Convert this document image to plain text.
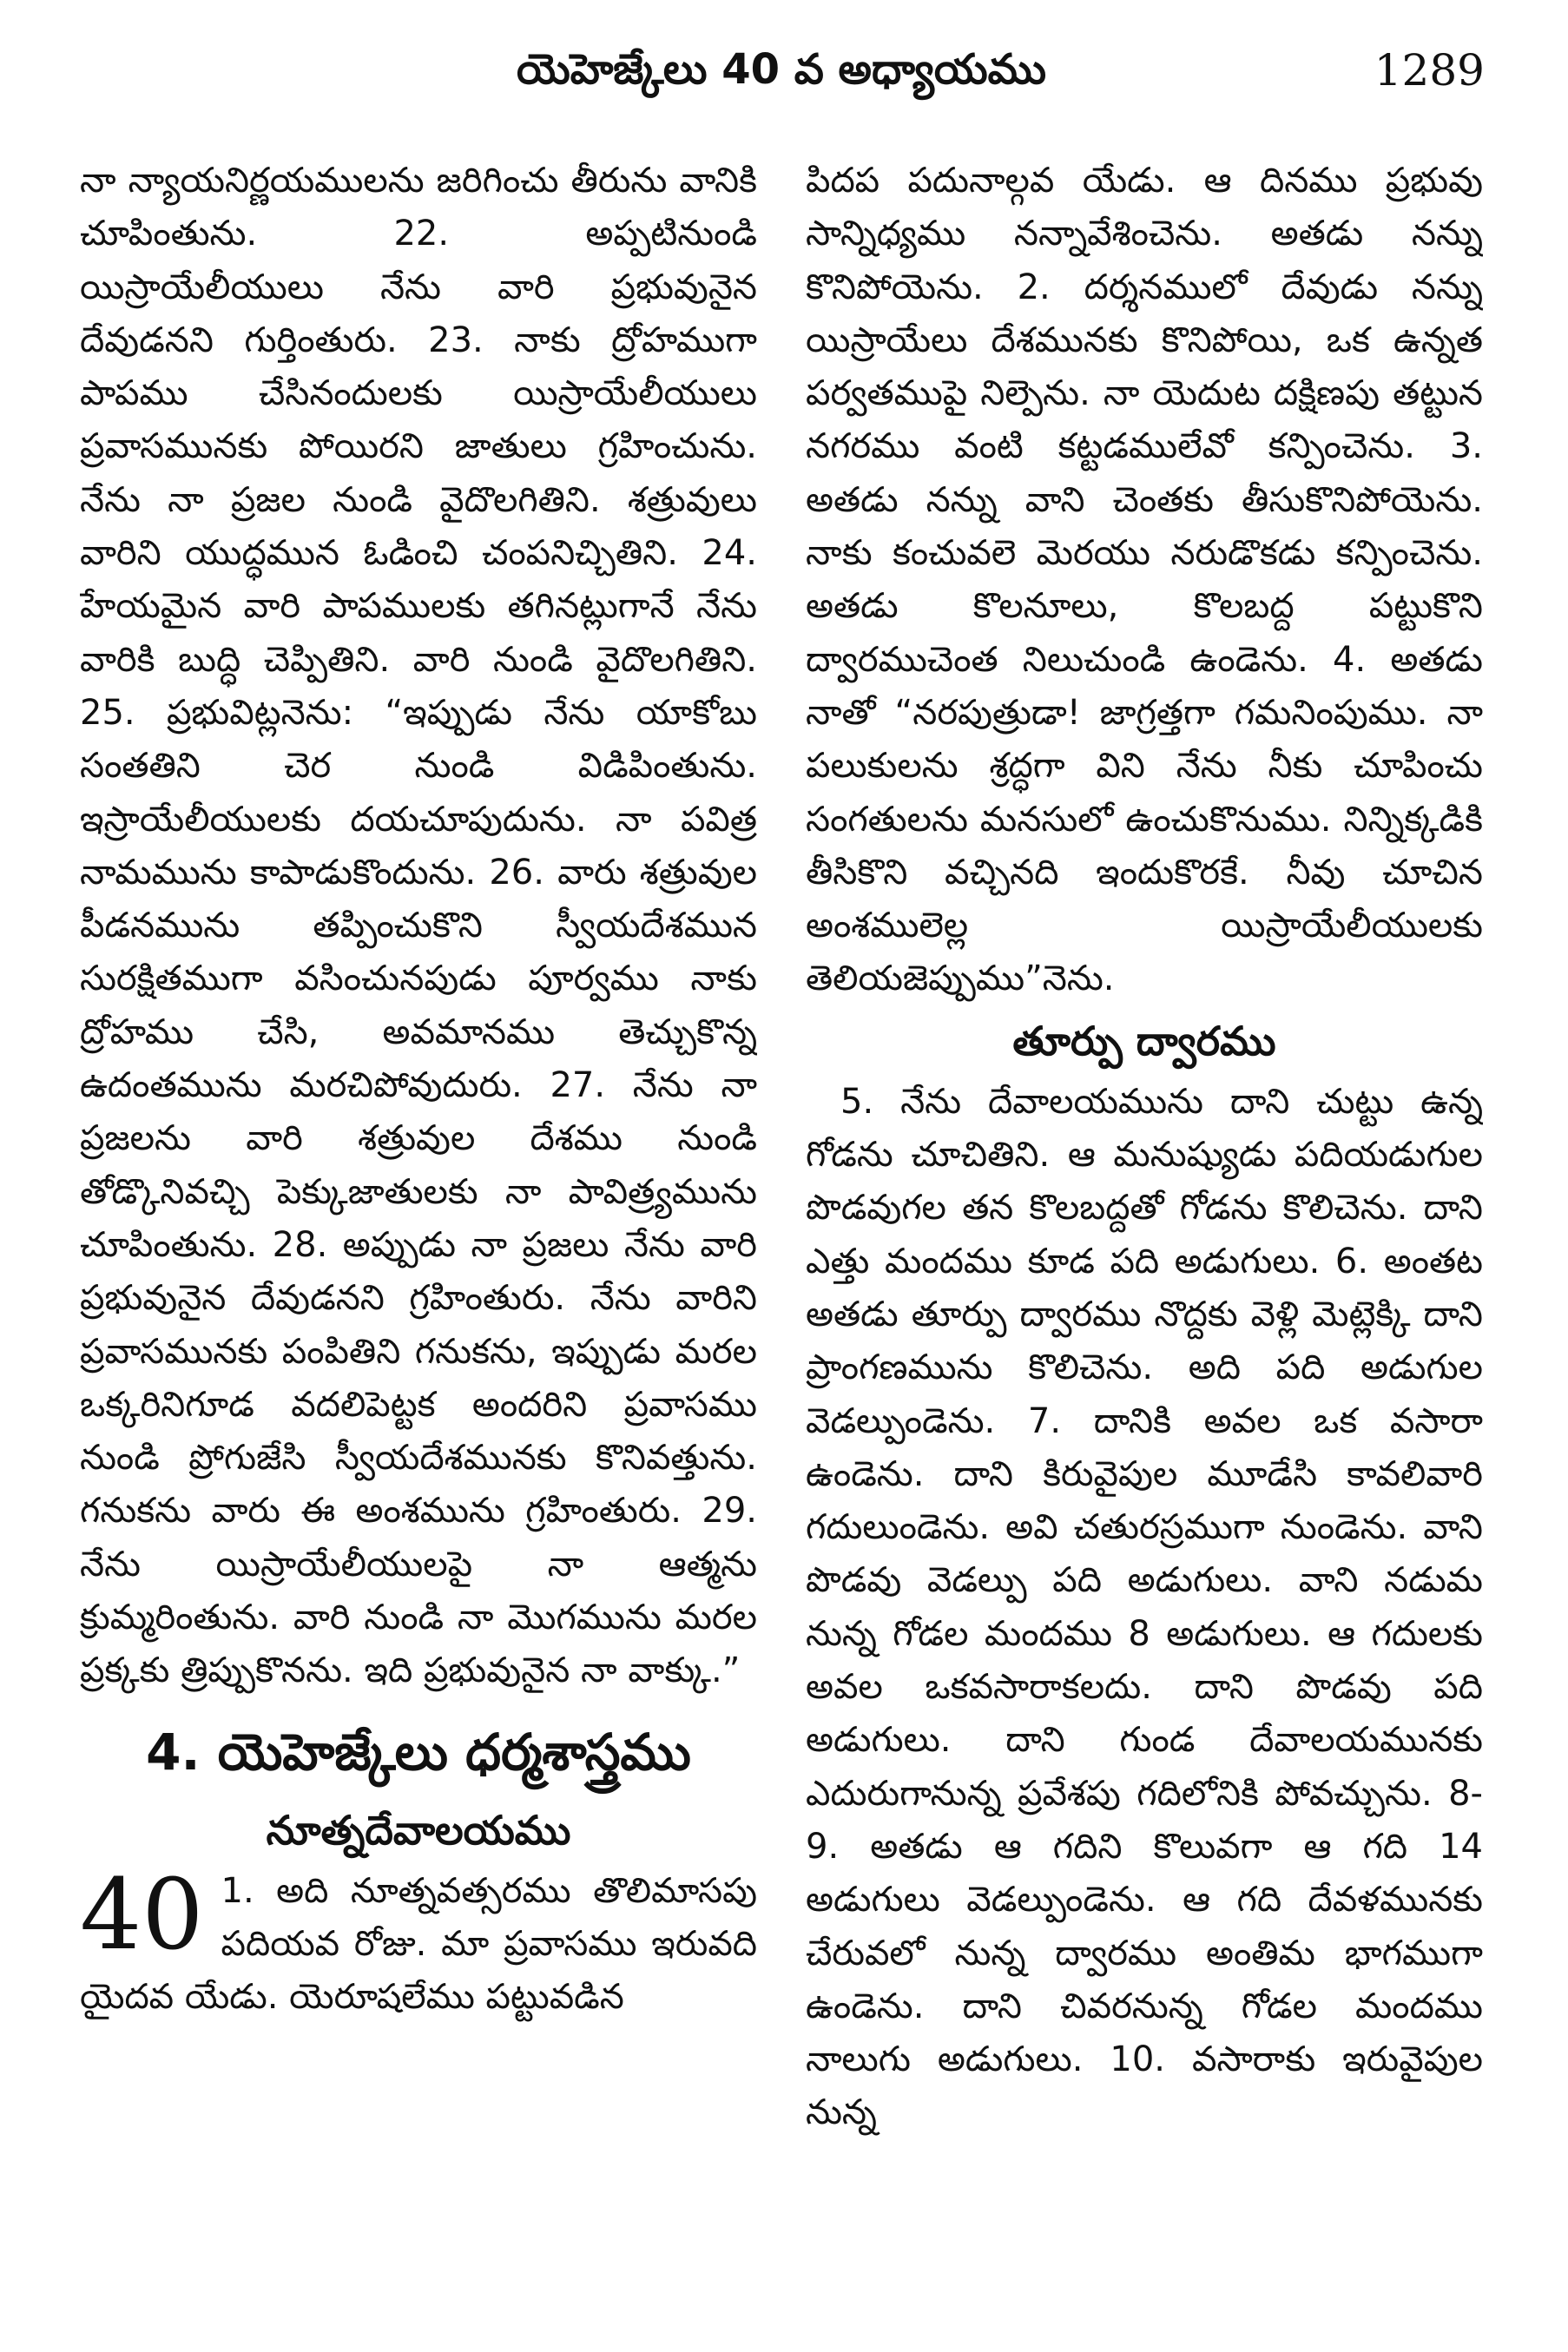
యెహెజ్కేలు 40 వ అధ్యాయము	1289

నా న్యాయనిర్ణయములను జరిగించు తీరును వానికి చూపింతును. 22. అప్పటినుండి యిస్రాయేలీయులు నేను వారి ప్రభువునైన దేవుడనని గుర్తింతురు. 23. నాకు ద్రోహముగా పాపము చేసినందులకు యిస్రాయేలీయులు ప్రవాసమునకు పోయిరని జాతులు గ్రహించును. నేను నా ప్రజల నుండి వైదొలగితిని. శత్రువులు వారిని యుద్ధమున ఓడించి చంపనిచ్చితిని. 24. హేయమైన వారి పాపములకు తగినట్లుగానే నేను వారికి బుద్ధి చెప్పితిని. వారి నుండి వైదొలగితిని. 25. ప్రభువిట్లనెను: “ఇప్పుడు నేను యాకోబు సంతతిని చెర నుండి విడిపింతును. ఇస్రాయేలీయులకు దయచూపుదును. నా పవిత్ర నామమును కాపాడుకొందును. 26. వారు శత్రువుల పీడనమును తప్పించుకొని స్వీయదేశమున సురక్షితముగా వసించునపుడు పూర్వము నాకు ద్రోహము చేసి, అవమానము తెచ్చుకొన్న ఉదంతమును మరచిపోవుదురు. 27. నేను నా ప్రజలను వారి శత్రువుల దేశము నుండి తోడ్కొనివచ్చి పెక్కుజాతులకు నా పావిత్ర్యమును చూపింతును. 28. అప్పుడు నా ప్రజలు నేను వారి ప్రభువునైన దేవుడనని గ్రహింతురు. నేను వారిని ప్రవాసమునకు పంపితిని గనుకను, ఇప్పుడు మరల ఒక్కరినిగూడ వదలిపెట్టక అందరిని ప్రవాసము నుండి ప్రోగుజేసి స్వీయదేశమునకు కొనివత్తును. గనుకను వారు ఈ అంశమును గ్రహింతురు. 29. నేను యిస్రాయేలీయులపై నా ఆత్మను క్రుమ్మరింతును. వారి నుండి నా మొగమును మరల ప్రక్కకు త్రిప్పుకొనను. ఇది ప్రభువునైన నా వాక్కు.”

4. యెహెజ్కేలు ధర్మశాస్త్రము
నూత్నదేవాలయము

40 1. అది నూత్నవత్సరము తొలిమాసపు పదియవ రోజు. మా ప్రవాసము ఇరువది యైదవ యేడు. యెరూషలేము పట్టువడిన

పిదప పదునాల్గవ యేడు. ఆ దినము ప్రభువు సాన్నిధ్యము నన్నావేశించెను. అతడు నన్ను కొనిపోయెను. 2. దర్శనములో దేవుడు నన్ను యిస్రాయేలు దేశమునకు కొనిపోయి, ఒక ఉన్నత పర్వతముపై నిల్పెను. నా యెదుట దక్షిణపు తట్టున నగరము వంటి కట్టడములేవో కన్పించెను. 3. అతడు నన్ను వాని చెంతకు తీసుకొనిపోయెను. నాకు కంచువలె మెరయు నరుడొకడు కన్పించెను. అతడు కొలనూలు, కొలబద్ద పట్టుకొని ద్వారముచెంత నిలుచుండి ఉండెను. 4. అతడు నాతో “నరపుత్రుడా! జాగ్రత్తగా గమనింపుము. నా పలుకులను శ్రద్ధగా విని నేను నీకు చూపించు సంగతులను మనసులో ఉంచుకొనుము. నిన్నిక్కడికి తీసికొని వచ్చినది ఇందుకొరకే. నీవు చూచిన అంశములెల్ల యిస్రాయేలీయులకు తెలియజెప్పుము”నెను.

తూర్పు ద్వారము

5. నేను దేవాలయమును దాని చుట్టు ఉన్న గోడను చూచితిని. ఆ మనుష్యుడు పదియడుగుల పొడవుగల తన కొలబద్దతో గోడను కొలిచెను. దాని ఎత్తు మందము కూడ పది అడుగులు. 6. అంతట అతడు తూర్పు ద్వారము నొద్దకు వెళ్లి మెట్లెక్కి దాని ప్రాంగణమును కొలిచెను. అది పది అడుగుల వెడల్పుండెను. 7. దానికి అవల ఒక వసారా ఉండెను. దాని కిరువైపుల మూడేసి కావలివారి గదులుండెను. అవి చతురస్రముగా నుండెను. వాని పొడవు వెడల్పు పది అడుగులు. వాని నడుమ నున్న గోడల మందము 8 అడుగులు. ఆ గదులకు అవల ఒకవసారాకలదు. దాని పొడవు పది అడుగులు. దాని గుండ దేవాలయమునకు ఎదురుగానున్న ప్రవేశపు గదిలోనికి పోవచ్చును. 8-9. అతడు ఆ గదిని కొలువగా ఆ గది 14 అడుగులు వెడల్పుండెను. ఆ గది దేవళమునకు చేరువలో నున్న ద్వారము అంతిమ భాగముగా ఉండెను. దాని చివరనున్న గోడల మందము నాలుగు అడుగులు. 10. వసారాకు ఇరువైపుల నున్న
